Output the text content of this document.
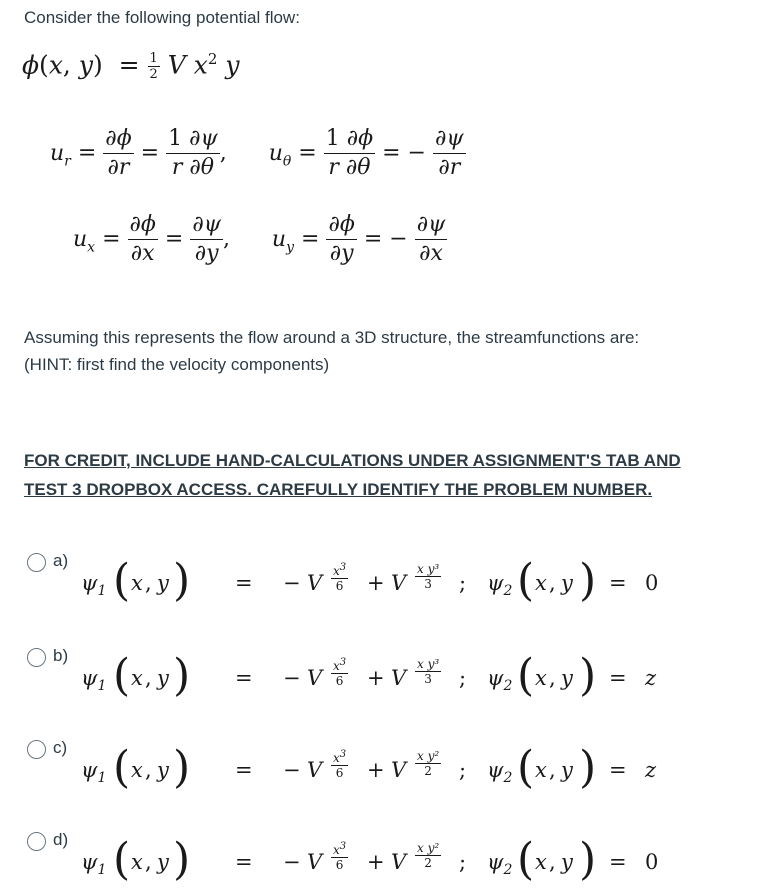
Consider the following potential flow:
ϕ(x, $y) = \frac{1}{2}$ V $x^2$ y
$u_r = \frac{\partial\phi}{\partial r} = \frac{1 \partial\psi}{r \partial\theta}$ ,      $u_\theta = \frac{1 \partial\phi}{r \partial\theta}$ = − $\frac{\partial\psi}{\partial r}$
$u_x = \frac{\partial\phi}{\partial x} = \frac{\partial\psi}{\partial y}$ ,      $u_y = \frac{\partial\phi}{\partial y}$ = − $\frac{\partial\psi}{\partial x}$
Assuming this represents the flow around a 3D structure, the streamfunctions are:
(HINT: first find the velocity components)
FOR CREDIT, INCLUDE HAND-CALCULATIONS UNDER ASSIGNMENT'S TAB AND
TEST 3 DROPBOX ACCESS. CAREFULLY IDENTIFY THE PROBLEM NUMBER.
a)
$\psi_1$ ( x , y ) = − V $\frac{x^3}{6} + V \frac{\text{x y³}}{3}$ ; $\psi_2$ ( x , y ) = 0
b)
$\psi_1$ ( x , y ) = − V $\frac{x^3}{6} + V \frac{\text{x y³}}{3}$ ; $\psi_2$ ( x , y ) = z
c)
$\psi_1$ ( x , y ) = − V $\frac{x^3}{6} + V \frac{\text{x y²}}{2}$ ; $\psi_2$ ( x , y ) = z
d)
$\psi_1$ ( x , y ) = − V $\frac{x^3}{6} + V \frac{\text{x y²}}{2}$ ; $\psi_2$ ( x , y ) = 0
